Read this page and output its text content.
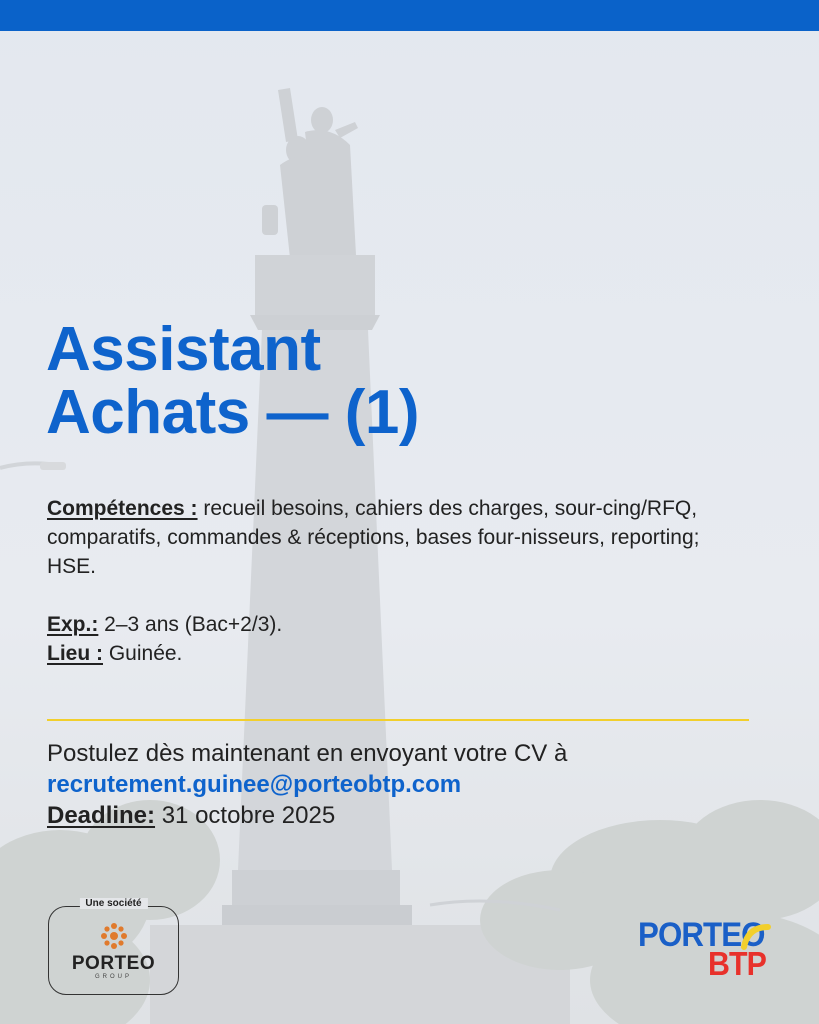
Assistant
Achats — (1)

Compétences : recueil besoins, cahiers des charges, sour-cing/RFQ, comparatifs, commandes & réceptions, bases four-nisseurs, reporting; HSE.

Exp.: 2–3 ans (Bac+2/3).

Lieu : Guinée.

Postulez dès maintenant en envoyant votre CV à

recrutement.guinee@porteobtp.com

Deadline: 31 octobre 2025

Une société
PORTEO
GROUP
PORTEO
BTP
